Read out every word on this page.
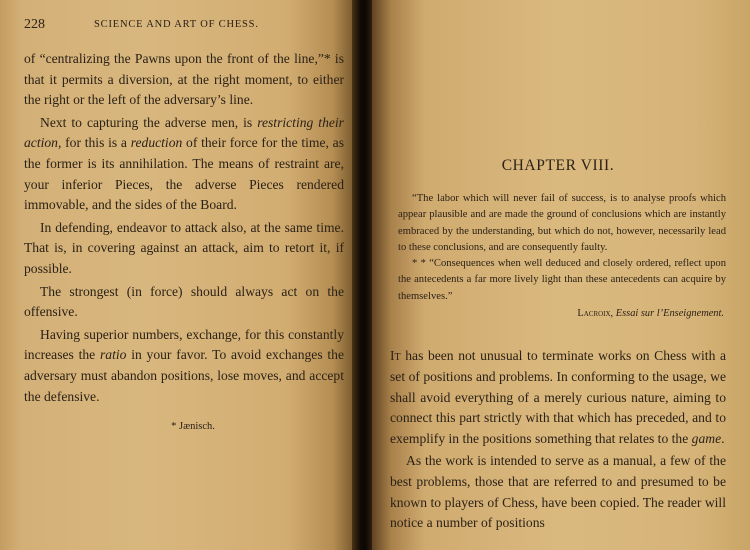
228	SCIENCE AND ART OF CHESS.

of “centralizing the Pawns upon the front of the line,”* is that it permits a diversion, at the right moment, to either the right or the left of the adversary’s line.

Next to capturing the adverse men, is restricting their action, for this is a reduction of their force for the time, as the former is its annihilation. The means of restraint are, your inferior Pieces, the adverse Pieces rendered immovable, and the sides of the Board.

In defending, endeavor to attack also, at the same time. That is, in covering against an attack, aim to retort it, if possible.

The strongest (in force) should always act on the offensive.

Having superior numbers, exchange, for this constantly increases the ratio in your favor. To avoid exchanges the adversary must abandon positions, lose moves, and accept the defensive.

* Jænisch.
CHAPTER VIII.

“The labor which will never fail of success, is to analyse proofs which appear plausible and are made the ground of conclusions which are instantly embraced by the understanding, but which do not, however, necessarily lead to these conclusions, and are consequently faulty.

* * “Consequences when well deduced and closely ordered, reflect upon the antecedents a far more lively light than these antecedents can acquire by themselves.”

Lacroix, Essai sur l’Enseignement.

It has been not unusual to terminate works on Chess with a set of positions and problems. In conforming to the usage, we shall avoid everything of a merely curious nature, aiming to connect this part strictly with that which has preceded, and to exemplify in the positions something that relates to the game.

As the work is intended to serve as a manual, a few of the best problems, those that are referred to and presumed to be known to players of Chess, have been copied. The reader will notice a number of positions
